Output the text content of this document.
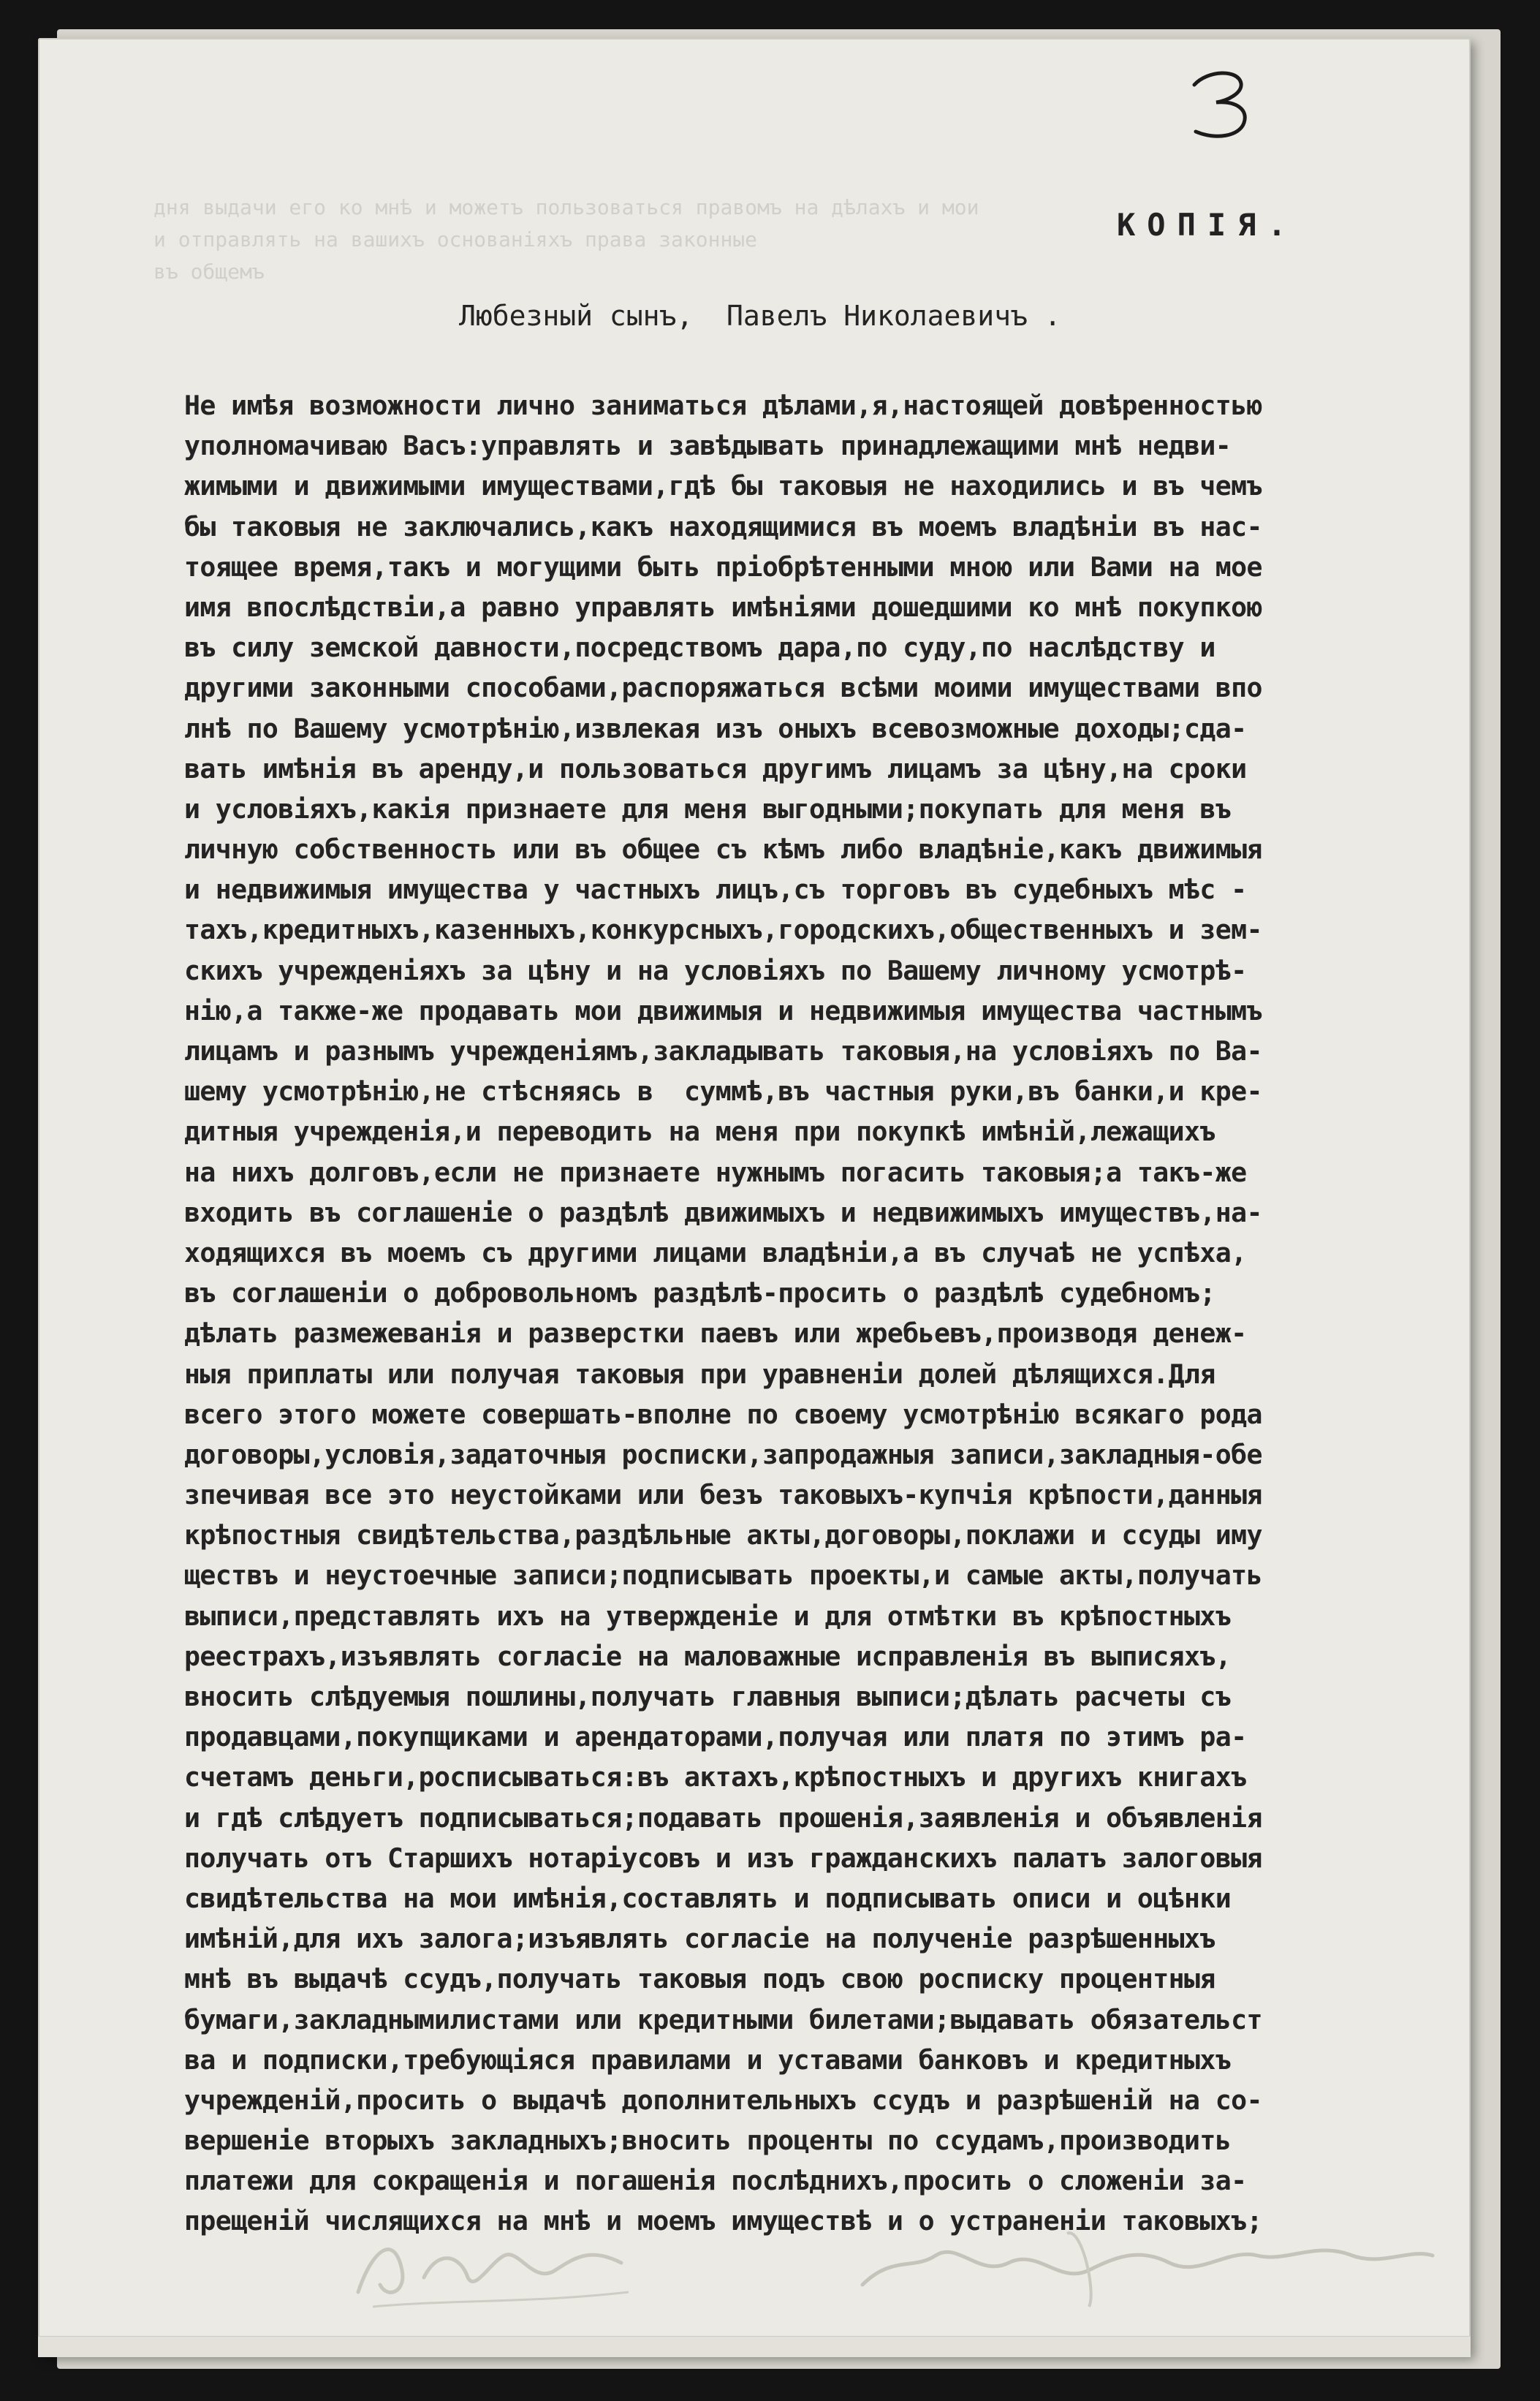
дня выдачи его ко мнѣ и можетъ пользоваться правомъ на дѣлахъ и мои
и отправлять на вашихъ основаніяхъ права законные
въ общемъ
КОПІЯ.
Любезный сынъ,  Павелъ Николаевичъ .
Не имѣя возможности лично заниматься дѣлами,я,настоящей довѣренностью
уполномачиваю Васъ:управлять и завѣдывать принадлежащими мнѣ недви-
жимыми и движимыми имуществами,гдѣ бы таковыя не находились и въ чемъ
бы таковыя не заключались,какъ находящимися въ моемъ владѣніи въ нас-
тоящее время,такъ и могущими быть пріобрѣтенными мною или Вами на мое
имя впослѣдствіи,а равно управлять имѣніями дошедшими ко мнѣ покупкою
въ силу земской давности,посредствомъ дара,по суду,по наслѣдству и
другими законными способами,распоряжаться всѣми моими имуществами впо
лнѣ по Вашему усмотрѣнію,извлекая изъ оныхъ всевозможные доходы;сда-
вать имѣнія въ аренду,и пользоваться другимъ лицамъ за цѣну,на сроки
и условіяхъ,какія признаете для меня выгодными;покупать для меня въ
личную собственность или въ общее съ кѣмъ либо владѣніе,какъ движимыя
и недвижимыя имущества у частныхъ лицъ,съ торговъ въ судебныхъ мѣс -
тахъ,кредитныхъ,казенныхъ,конкурсныхъ,городскихъ,общественныхъ и зем-
скихъ учрежденіяхъ за цѣну и на условіяхъ по Вашему личному усмотрѣ-
нію,а также-же продавать мои движимыя и недвижимыя имущества частнымъ
лицамъ и разнымъ учрежденіямъ,закладывать таковыя,на условіяхъ по Ва-
шему усмотрѣнію,не стѣсняясь в  суммѣ,въ частныя руки,въ банки,и кре-
дитныя учрежденія,и переводить на меня при покупкѣ имѣній,лежащихъ
на нихъ долговъ,если не признаете нужнымъ погасить таковыя;а такъ-же
входить въ соглашеніе о раздѣлѣ движимыхъ и недвижимыхъ имуществъ,на-
ходящихся въ моемъ съ другими лицами владѣніи,а въ случаѣ не успѣха,
въ соглашеніи о добровольномъ раздѣлѣ-просить о раздѣлѣ судебномъ;
дѣлать размежеванія и разверстки паевъ или жребьевъ,производя денеж-
ныя приплаты или получая таковыя при уравненіи долей дѣлящихся.Для
всего этого можете совершать-вполне по своему усмотрѣнію всякаго рода
договоры,условія,задаточныя росписки,запродажныя записи,закладныя-обе
зпечивая все это неустойками или безъ таковыхъ-купчія крѣпости,данныя
крѣпостныя свидѣтельства,раздѣльные акты,договоры,поклажи и ссуды иму
ществъ и неустоечные записи;подписывать проекты,и самые акты,получать
выписи,представлять ихъ на утвержденіе и для отмѣтки въ крѣпостныхъ
реестрахъ,изъявлять согласіе на маловажные исправленія въ выписяхъ,
вносить слѣдуемыя пошлины,получать главныя выписи;дѣлать расчеты съ
продавцами,покупщиками и арендаторами,получая или платя по этимъ ра-
счетамъ деньги,росписываться:въ актахъ,крѣпостныхъ и другихъ книгахъ
и гдѣ слѣдуетъ подписываться;подавать прошенія,заявленія и объявленія
получать отъ Старшихъ нотаріусовъ и изъ гражданскихъ палатъ залоговыя
свидѣтельства на мои имѣнія,составлять и подписывать описи и оцѣнки
имѣній,для ихъ залога;изъявлять согласіе на полученіе разрѣшенныхъ
мнѣ въ выдачѣ ссудъ,получать таковыя подъ свою росписку процентныя
бумаги,закладнымилистами или кредитными билетами;выдавать обязательст
ва и подписки,требующіяся правилами и уставами банковъ и кредитныхъ
учрежденій,просить о выдачѣ дополнительныхъ ссудъ и разрѣшеній на со-
вершеніе вторыхъ закладныхъ;вносить проценты по ссудамъ,производить
платежи для сокращенія и погашенія послѣднихъ,просить о сложеніи за-
прещеній числящихся на мнѣ и моемъ имуществѣ и о устраненіи таковыхъ;
